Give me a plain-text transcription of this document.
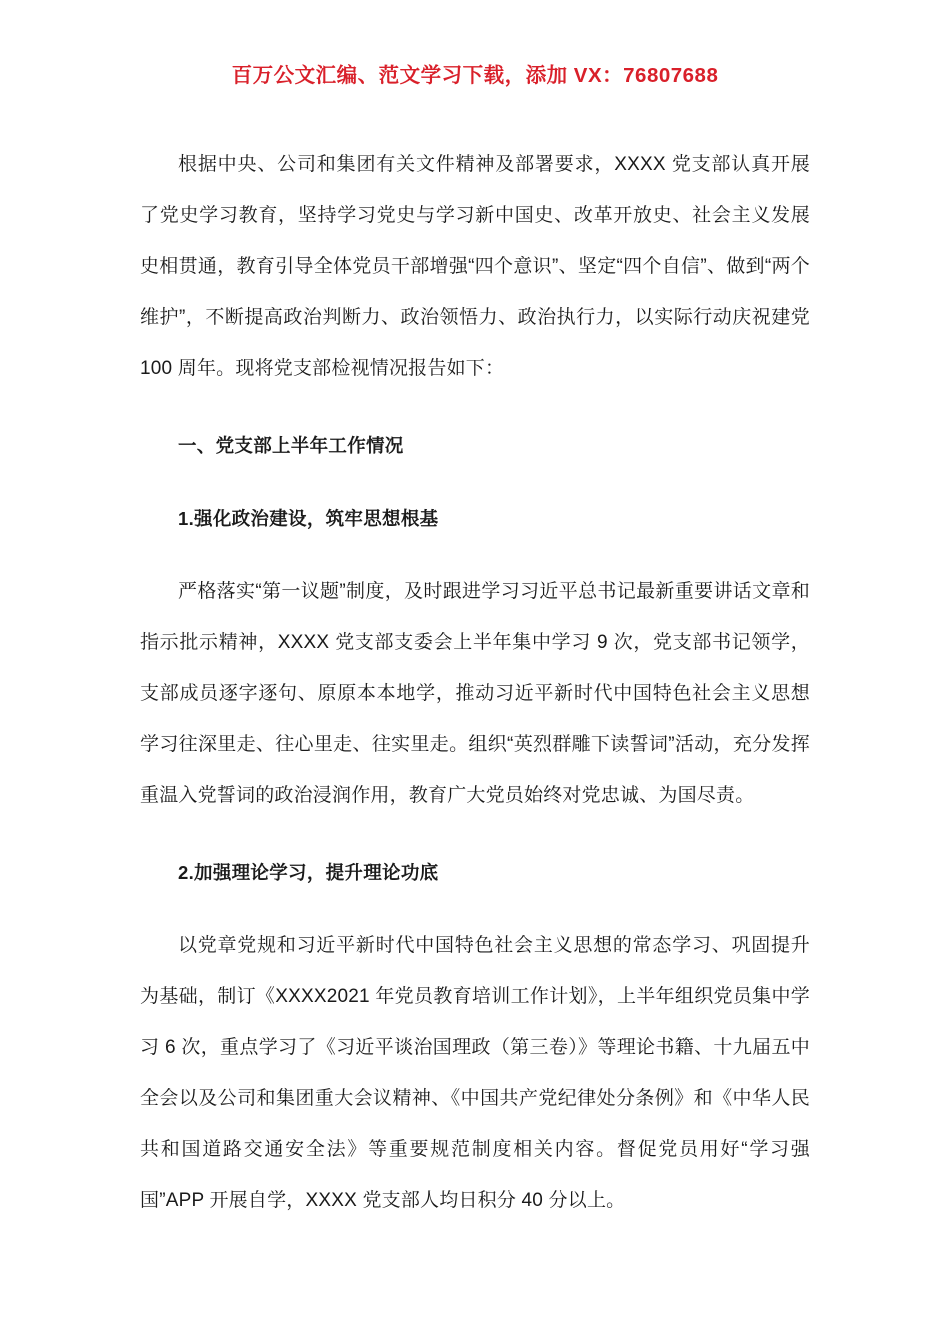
百万公文汇编、范文学习下载，添加 VX：76807688

根据中央、公司和集团有关文件精神及部署要求，XXXX 党支部认真开展了党史学习教育，坚持学习党史与学习新中国史、改革开放史、社会主义发展史相贯通，教育引导全体党员干部增强“四个意识”、坚定“四个自信”、做到“两个维护”，不断提高政治判断力、政治领悟力、政治执行力，以实际行动庆祝建党 100 周年。现将党支部检视情况报告如下：

一、党支部上半年工作情况
1.强化政治建设，筑牢思想根基

严格落实“第一议题”制度，及时跟进学习习近平总书记最新重要讲话文章和指示批示精神，XXXX 党支部支委会上半年集中学习 9 次，党支部书记领学，支部成员逐字逐句、原原本本地学，推动习近平新时代中国特色社会主义思想学习往深里走、往心里走、往实里走。组织“英烈群雕下读誓词”活动，充分发挥重温入党誓词的政治浸润作用，教育广大党员始终对党忠诚、为国尽责。

2.加强理论学习，提升理论功底

以党章党规和习近平新时代中国特色社会主义思想的常态学习、巩固提升为基础，制订《XXXX2021 年党员教育培训工作计划》，上半年组织党员集中学习 6 次，重点学习了《习近平谈治国理政（第三卷）》等理论书籍、十九届五中全会以及公司和集团重大会议精神、《中国共产党纪律处分条例》和《中华人民共和国道路交通安全法》等重要规范制度相关内容。督促党员用好“学习强国”APP 开展自学，XXXX 党支部人均日积分 40 分以上。
